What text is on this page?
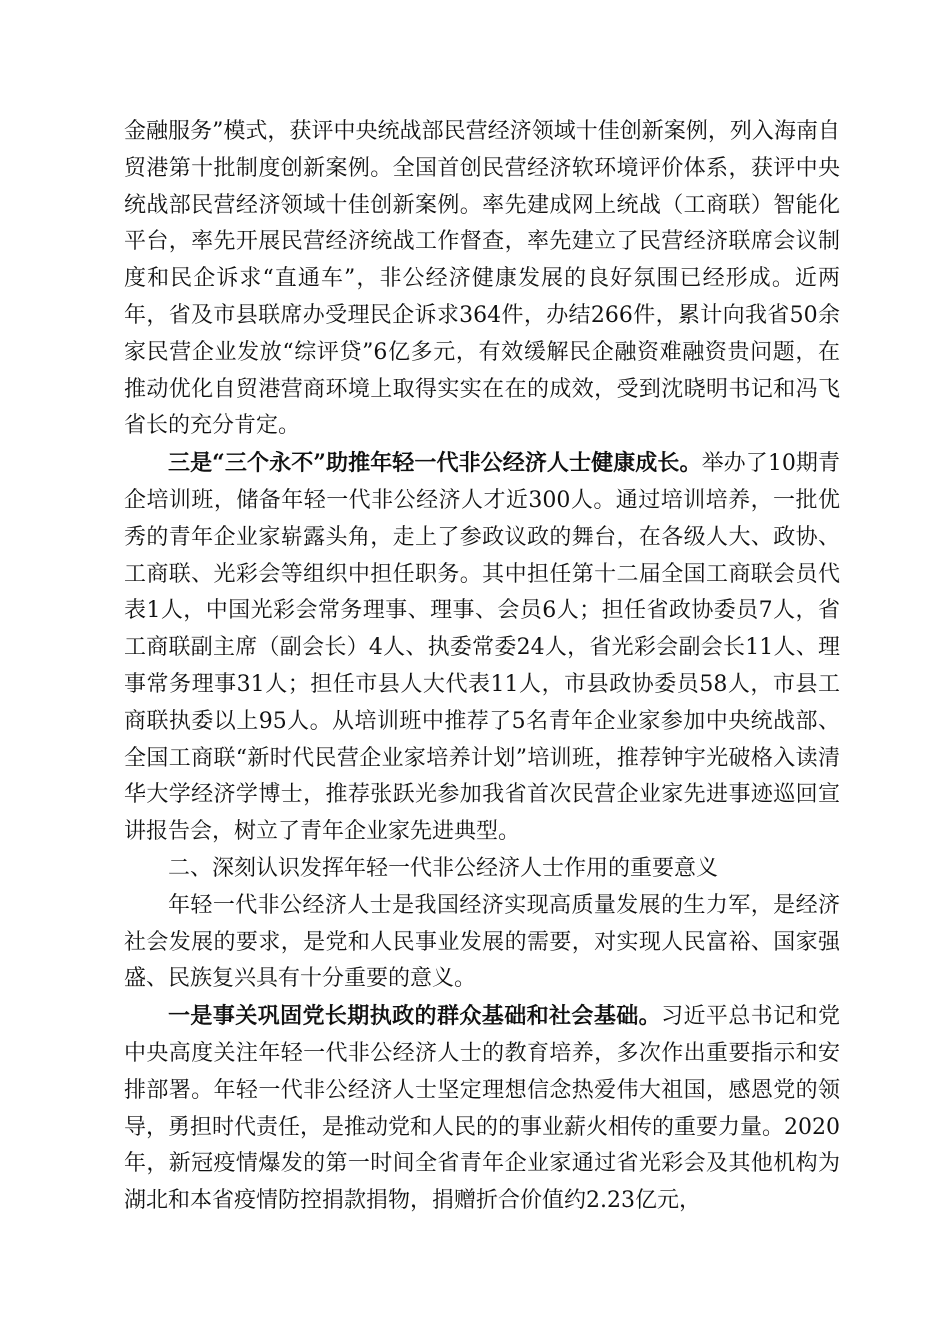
金融服务”模式，获评中央统战部民营经济领域十佳创新案例，列入海南自贸港第十批制度创新案例。全国首创民营经济软环境评价体系，获评中央统战部民营经济领域十佳创新案例。率先建成网上统战（工商联）智能化平台，率先开展民营经济统战工作督查，率先建立了民营经济联席会议制度和民企诉求“直通车”，非公经济健康发展的良好氛围已经形成。近两年，省及市县联席办受理民企诉求364件，办结266件，累计向我省50余家民营企业发放“综评贷”6亿多元，有效缓解民企融资难融资贵问题，在推动优化自贸港营商环境上取得实实在在的成效，受到沈晓明书记和冯飞省长的充分肯定。

三是“三个永不”助推年轻一代非公经济人士健康成长。举办了10期青企培训班，储备年轻一代非公经济人才近300人。通过培训培养，一批优秀的青年企业家崭露头角，走上了参政议政的舞台，在各级人大、政协、工商联、光彩会等组织中担任职务。其中担任第十二届全国工商联会员代表1人，中国光彩会常务理事、理事、会员6人；担任省政协委员7人，省工商联副主席（副会长）4人、执委常委24人，省光彩会副会长11人、理事常务理事31人；担任市县人大代表11人，市县政协委员58人，市县工商联执委以上95人。从培训班中推荐了5名青年企业家参加中央统战部、全国工商联“新时代民营企业家培养计划”培训班，推荐钟宇光破格入读清华大学经济学博士，推荐张跃光参加我省首次民营企业家先进事迹巡回宣讲报告会，树立了青年企业家先进典型。

二、深刻认识发挥年轻一代非公经济人士作用的重要意义

年轻一代非公经济人士是我国经济实现高质量发展的生力军，是经济社会发展的要求，是党和人民事业发展的需要，对实现人民富裕、国家强盛、民族复兴具有十分重要的意义。

一是事关巩固党长期执政的群众基础和社会基础。习近平总书记和党中央高度关注年轻一代非公经济人士的教育培养，多次作出重要指示和安排部署。年轻一代非公经济人士坚定理想信念热爱伟大祖国，感恩党的领导，勇担时代责任，是推动党和人民的的事业薪火相传的重要力量。2020年，新冠疫情爆发的第一时间全省青年企业家通过省光彩会及其他机构为湖北和本省疫情防控捐款捐物，捐赠折合价值约2.23亿元，
